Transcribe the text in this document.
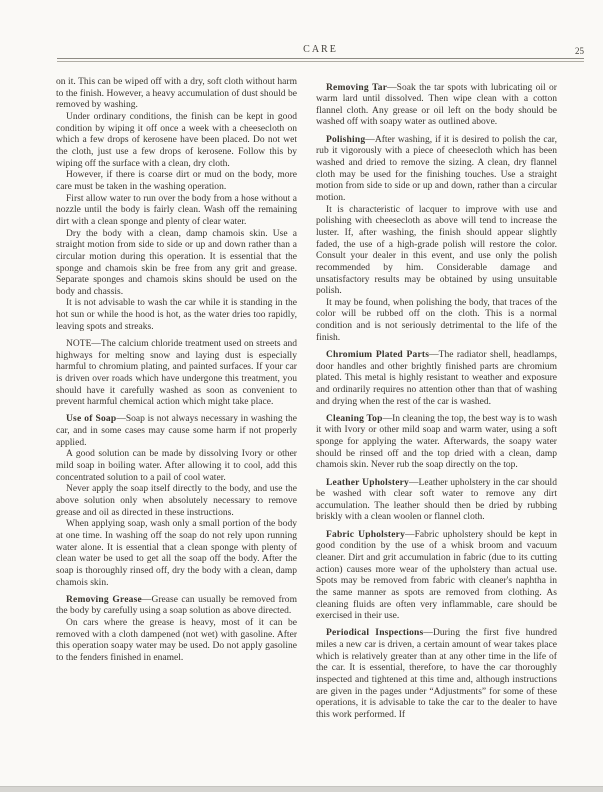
CARE	25

on it. This can be wiped off with a dry, soft cloth without harm to the finish. However, a heavy accumulation of dust should be removed by washing.

Under ordinary conditions, the finish can be kept in good condition by wiping it off once a week with a cheesecloth on which a few drops of kerosene have been placed. Do not wet the cloth, just use a few drops of kerosene. Follow this by wiping off the surface with a clean, dry cloth.

However, if there is coarse dirt or mud on the body, more care must be taken in the washing operation.

First allow water to run over the body from a hose without a nozzle until the body is fairly clean. Wash off the remaining dirt with a clean sponge and plenty of clear water.

Dry the body with a clean, damp chamois skin. Use a straight motion from side to side or up and down rather than a circular motion during this operation. It is essential that the sponge and chamois skin be free from any grit and grease. Separate sponges and chamois skins should be used on the body and chassis.

It is not advisable to wash the car while it is standing in the hot sun or while the hood is hot, as the water dries too rapidly, leaving spots and streaks.

NOTE—The calcium chloride treatment used on streets and highways for melting snow and laying dust is especially harmful to chromium plating, and painted surfaces. If your car is driven over roads which have undergone this treatment, you should have it carefully washed as soon as convenient to prevent harmful chemical action which might take place.

Use of Soap—Soap is not always necessary in washing the car, and in some cases may cause some harm if not properly applied.

A good solution can be made by dissolving Ivory or other mild soap in boiling water. After allowing it to cool, add this concentrated solution to a pail of cool water.

Never apply the soap itself directly to the body, and use the above solution only when absolutely necessary to remove grease and oil as directed in these instructions.

When applying soap, wash only a small portion of the body at one time. In washing off the soap do not rely upon running water alone. It is essential that a clean sponge with plenty of clean water be used to get all the soap off the body. After the soap is thoroughly rinsed off, dry the body with a clean, damp chamois skin.

Removing Grease—Grease can usually be removed from the body by carefully using a soap solution as above directed.

On cars where the grease is heavy, most of it can be removed with a cloth dampened (not wet) with gasoline. After this operation soapy water may be used. Do not apply gasoline to the fenders finished in enamel.

Removing Tar—Soak the tar spots with lubricating oil or warm lard until dissolved. Then wipe clean with a cotton flannel cloth. Any grease or oil left on the body should be washed off with soapy water as outlined above.

Polishing—After washing, if it is desired to polish the car, rub it vigorously with a piece of cheesecloth which has been washed and dried to remove the sizing. A clean, dry flannel cloth may be used for the finishing touches. Use a straight motion from side to side or up and down, rather than a circular motion.

It is characteristic of lacquer to improve with use and polishing with cheesecloth as above will tend to increase the luster. If, after washing, the finish should appear slightly faded, the use of a high-grade polish will restore the color. Consult your dealer in this event, and use only the polish recommended by him. Considerable damage and unsatisfactory results may be obtained by using unsuitable polish.

It may be found, when polishing the body, that traces of the color will be rubbed off on the cloth. This is a normal condition and is not seriously detrimental to the life of the finish.

Chromium Plated Parts—The radiator shell, headlamps, door handles and other brightly finished parts are chromium plated. This metal is highly resistant to weather and exposure and ordinarily requires no attention other than that of washing and drying when the rest of the car is washed.

Cleaning Top—In cleaning the top, the best way is to wash it with Ivory or other mild soap and warm water, using a soft sponge for applying the water. Afterwards, the soapy water should be rinsed off and the top dried with a clean, damp chamois skin. Never rub the soap directly on the top.

Leather Upholstery—Leather upholstery in the car should be washed with clear soft water to remove any dirt accumulation. The leather should then be dried by rubbing briskly with a clean woolen or flannel cloth.

Fabric Upholstery—Fabric upholstery should be kept in good condition by the use of a whisk broom and vacuum cleaner. Dirt and grit accumulation in fabric (due to its cutting action) causes more wear of the upholstery than actual use. Spots may be removed from fabric with cleaner's naphtha in the same manner as spots are removed from clothing. As cleaning fluids are often very inflammable, care should be exercised in their use.

Periodical Inspections—During the first five hundred miles a new car is driven, a certain amount of wear takes place which is relatively greater than at any other time in the life of the car. It is essential, therefore, to have the car thoroughly inspected and tightened at this time and, although instructions are given in the pages under “Adjustments” for some of these operations, it is advisable to take the car to the dealer to have this work performed. If
